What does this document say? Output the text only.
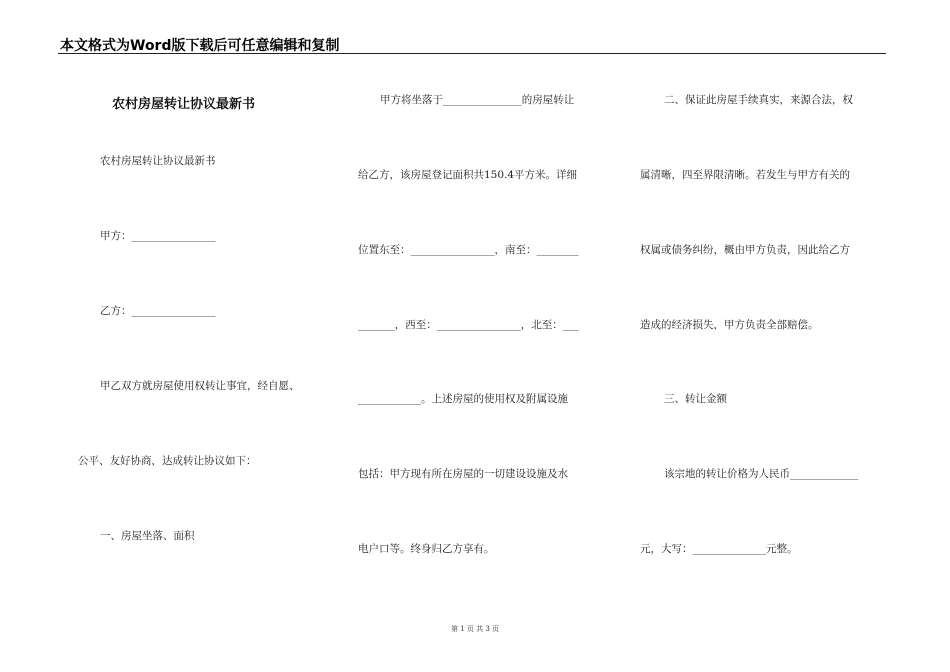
本文格式为Word版下载后可任意编辑和复制
农村房屋转让协议最新书
农村房屋转让协议最新书
甲方：________________
乙方：________________
甲乙双方就房屋使用权转让事宜，经自愿、
公平、友好协商，达成转让协议如下：
一、房屋坐落、面积
甲方将坐落于_______________的房屋转让
给乙方，该房屋登记面积共150.4平方米。详细
位置东至：________________，南至：________
_______，西至：________________，北至：___
____________。上述房屋的使用权及附属设施
包括：甲方现有所在房屋的一切建设设施及水
电户口等。终身归乙方享有。
二、保证此房屋手续真实，来源合法，权
属清晰，四至界限清晰。若发生与甲方有关的
权属或债务纠纷，概由甲方负责，因此给乙方
造成的经济损失，甲方负责全部赔偿。
三、转让金额
该宗地的转让价格为人民币_____________
元，大写：______________元整。
第 1 页 共 3 页
